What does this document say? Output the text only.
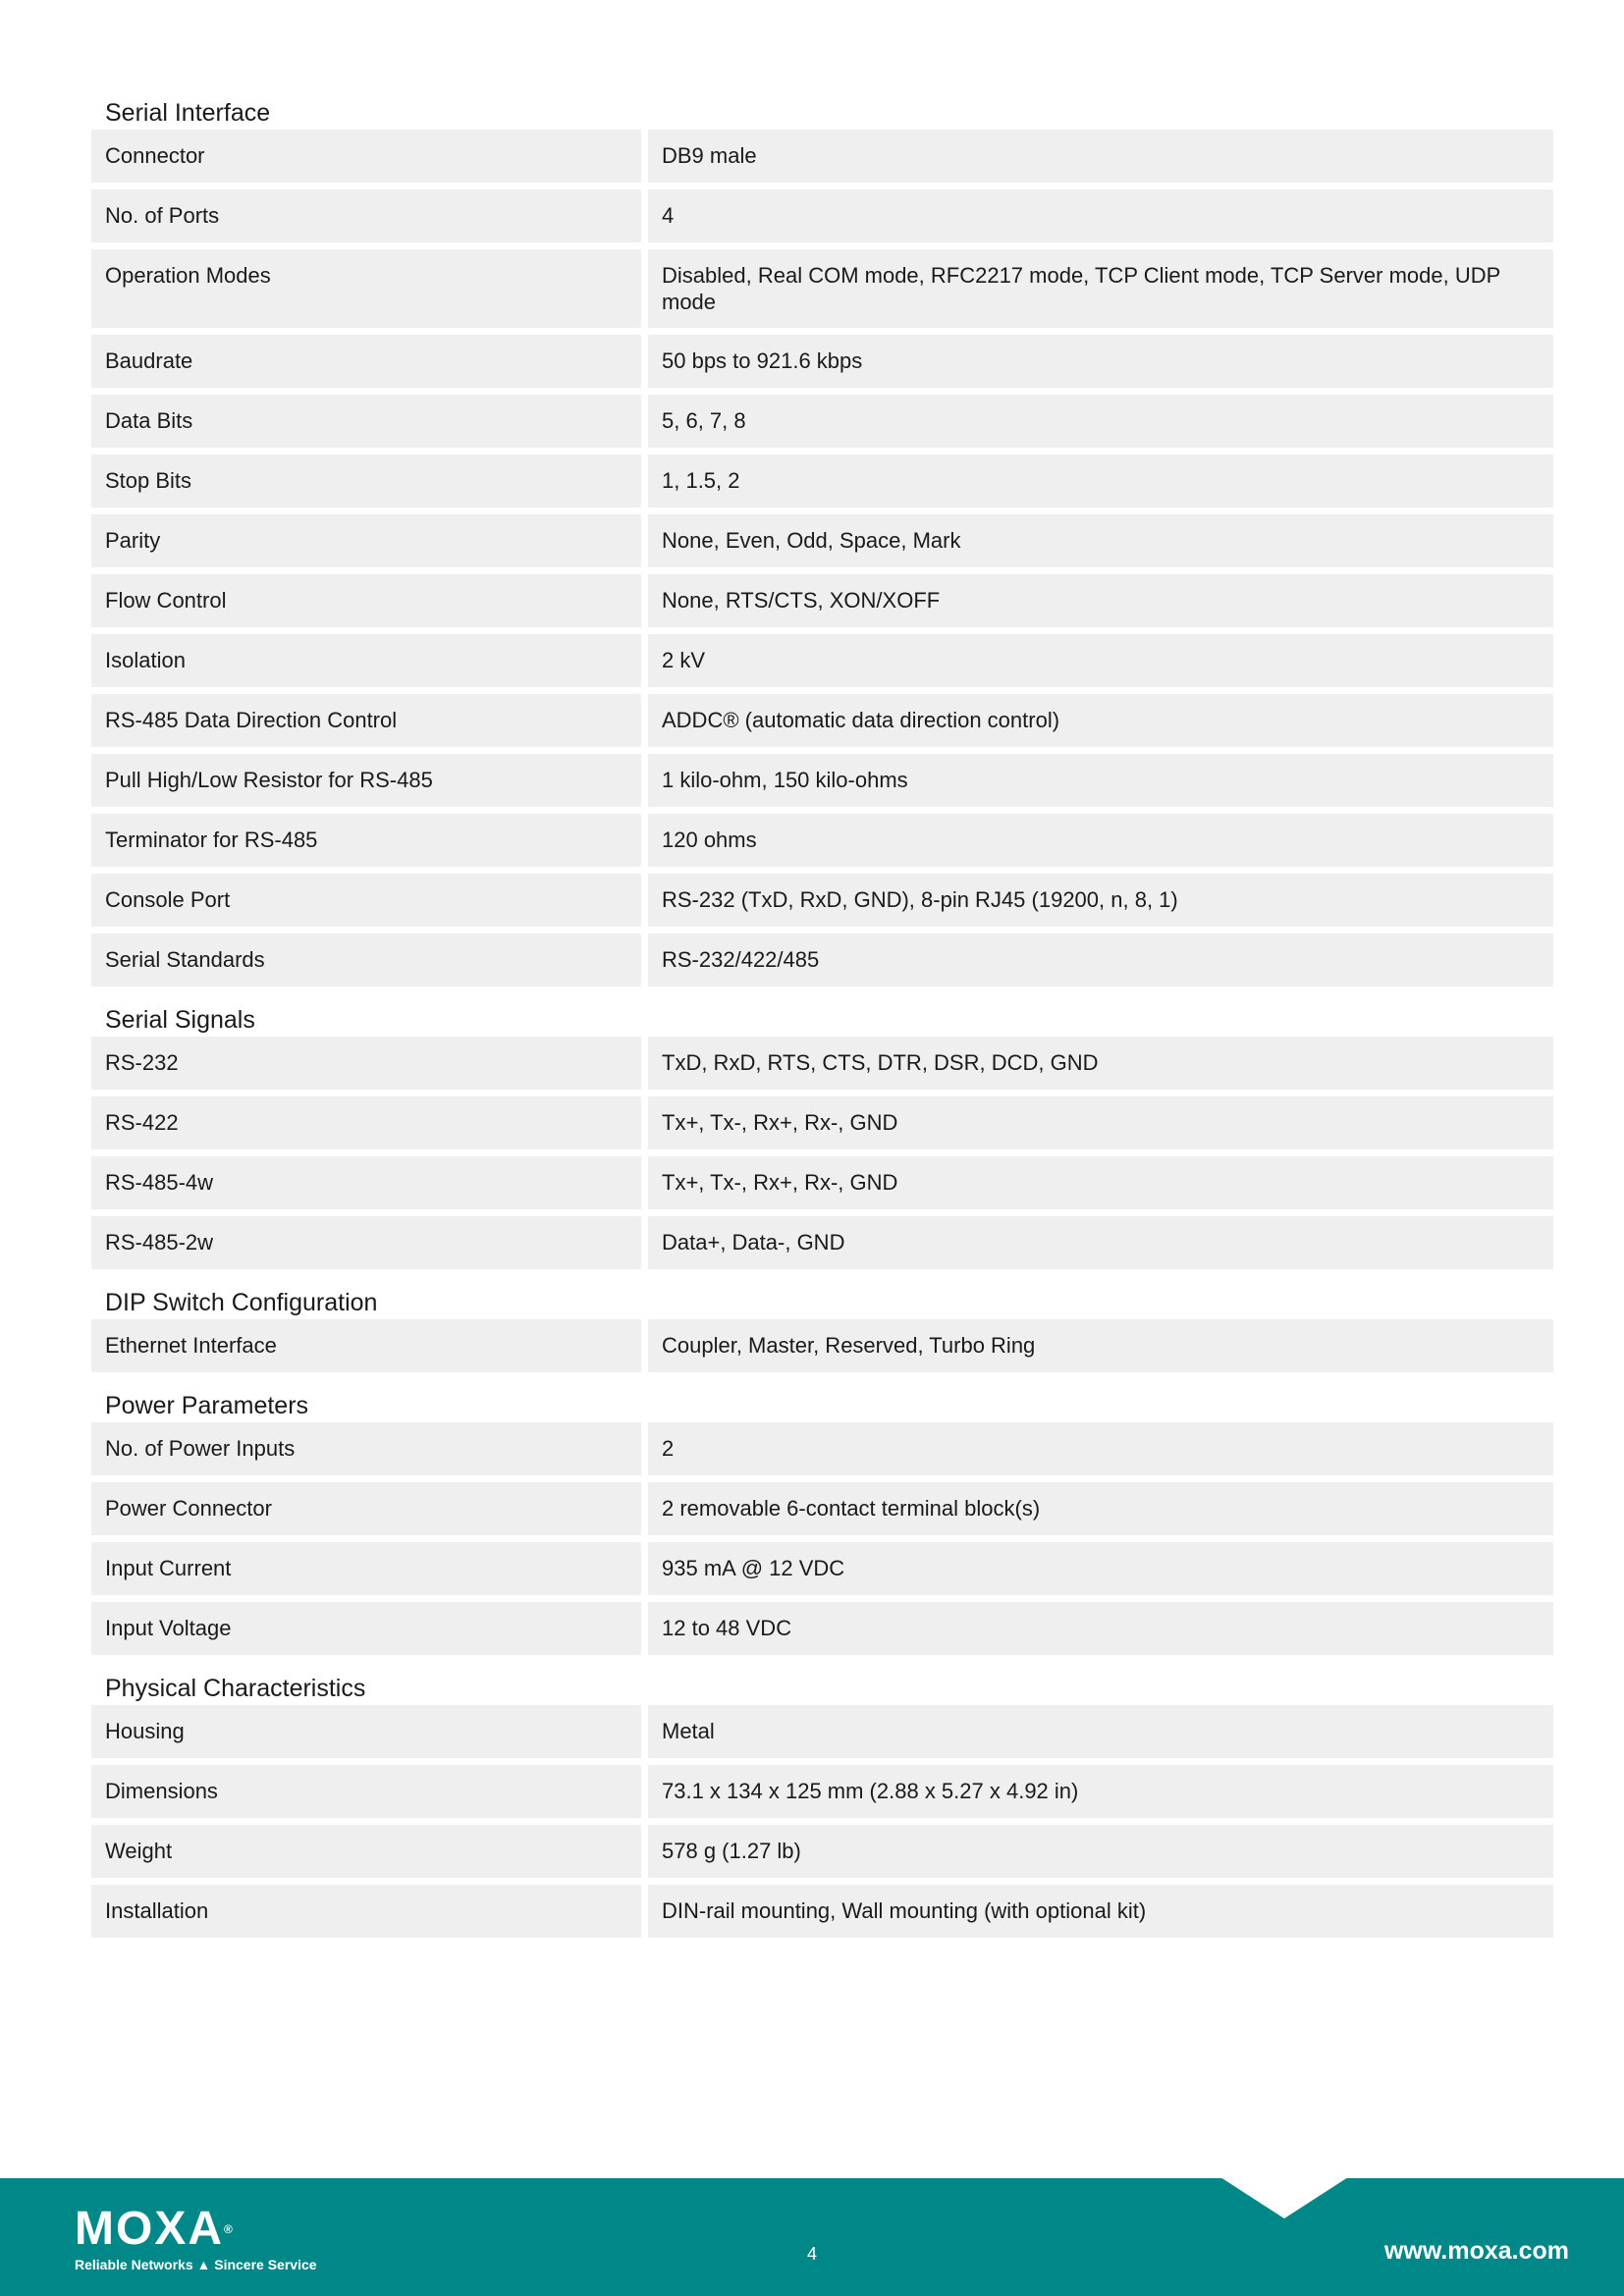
Serial Interface
Connector	DB9 male
No. of Ports	4
Operation Modes	Disabled, Real COM mode, RFC2217 mode, TCP Client mode, TCP Server mode, UDP mode
Baudrate	50 bps to 921.6 kbps
Data Bits	5, 6, 7, 8
Stop Bits	1, 1.5, 2
Parity	None, Even, Odd, Space, Mark
Flow Control	None, RTS/CTS, XON/XOFF
Isolation	2 kV
RS-485 Data Direction Control	ADDC® (automatic data direction control)
Pull High/Low Resistor for RS-485	1 kilo-ohm, 150 kilo-ohms
Terminator for RS-485	120 ohms
Console Port	RS-232 (TxD, RxD, GND), 8-pin RJ45 (19200, n, 8, 1)
Serial Standards	RS-232/422/485
Serial Signals
RS-232	TxD, RxD, RTS, CTS, DTR, DSR, DCD, GND
RS-422	Tx+, Tx-, Rx+, Rx-, GND
RS-485-4w	Tx+, Tx-, Rx+, Rx-, GND
RS-485-2w	Data+, Data-, GND
DIP Switch Configuration
Ethernet Interface	Coupler, Master, Reserved, Turbo Ring
Power Parameters
No. of Power Inputs	2
Power Connector	2 removable 6-contact terminal block(s)
Input Current	935 mA @ 12 VDC
Input Voltage	12 to 48 VDC
Physical Characteristics
Housing	Metal
Dimensions	73.1 x 134 x 125 mm (2.88 x 5.27 x 4.92 in)
Weight	578 g (1.27 lb)
Installation	DIN-rail mounting, Wall mounting (with optional kit)
MOXA®
Reliable Networks ▲ Sincere Service
4	www.moxa.com
